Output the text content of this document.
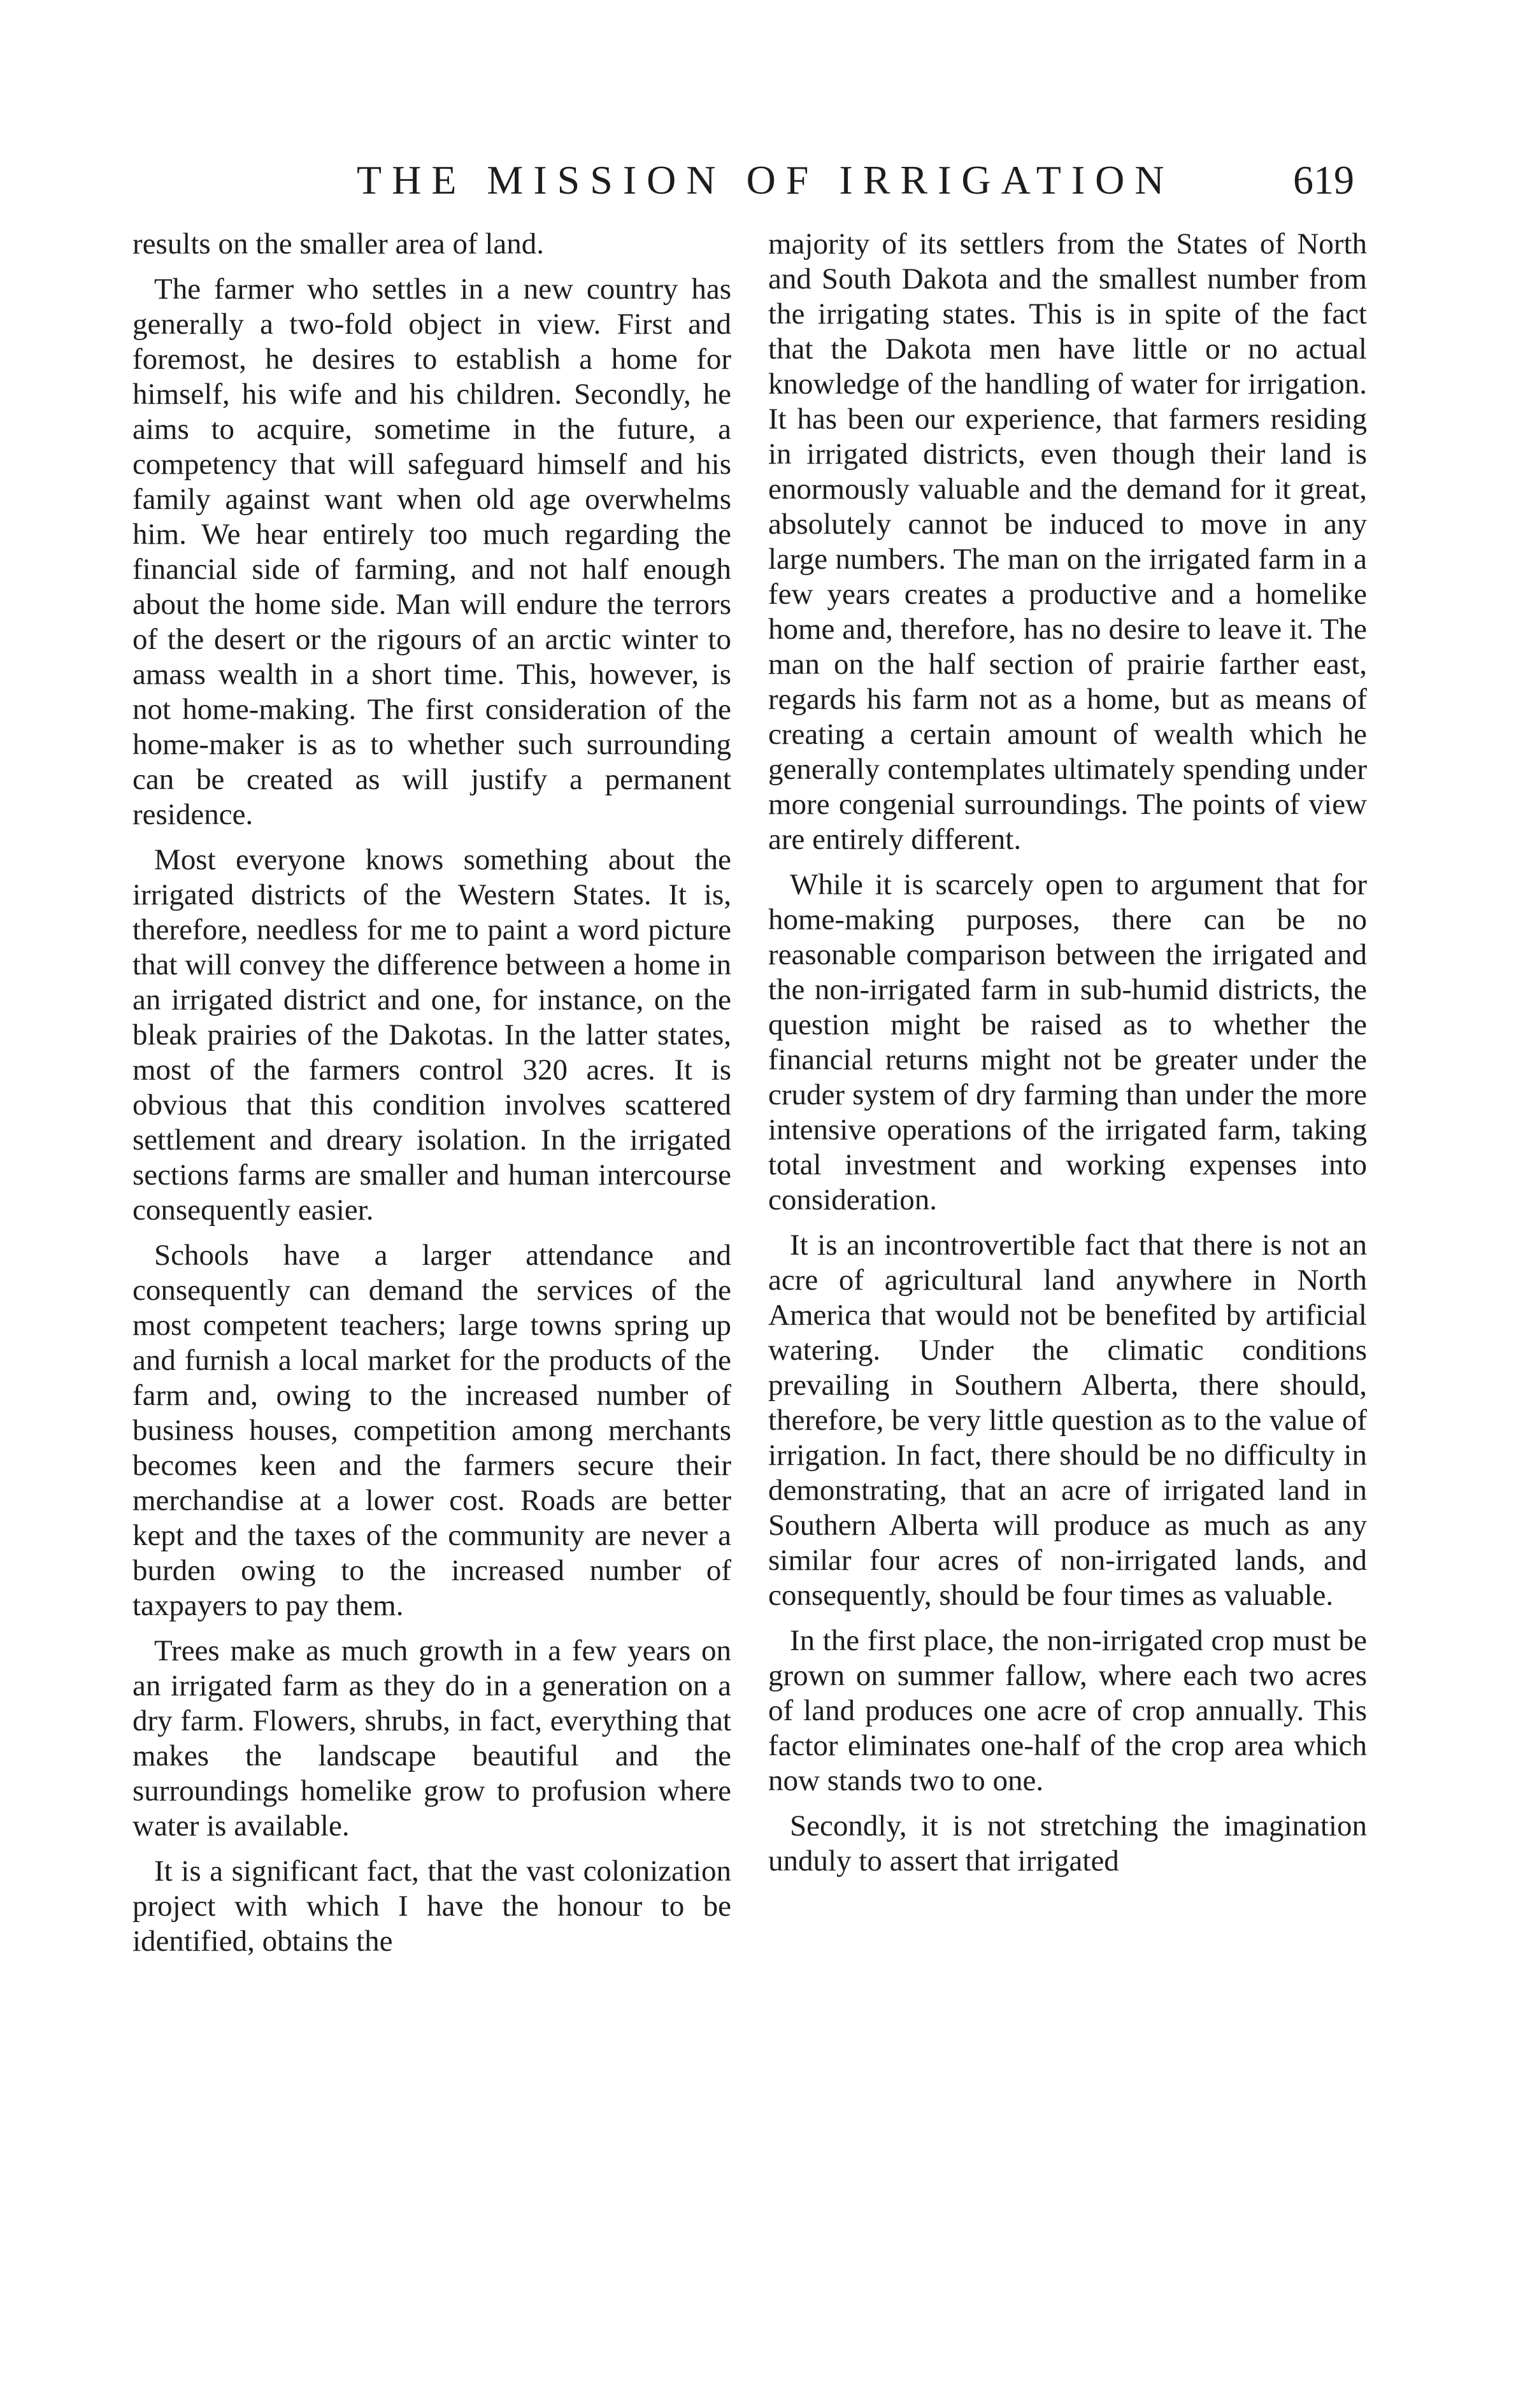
THE MISSION OF IRRIGATION	619

results on the smaller area of land.

The farmer who settles in a new country has generally a two-fold object in view. First and foremost, he desires to establish a home for himself, his wife and his children. Secondly, he aims to acquire, sometime in the future, a competency that will safeguard himself and his family against want when old age overwhelms him. We hear entirely too much regarding the financial side of farming, and not half enough about the home side. Man will endure the terrors of the desert or the rigours of an arctic winter to amass wealth in a short time. This, however, is not home-making. The first consideration of the home-maker is as to whether such surrounding can be created as will justify a permanent residence.

Most everyone knows something about the irrigated districts of the Western States. It is, therefore, needless for me to paint a word picture that will convey the difference between a home in an irrigated district and one, for instance, on the bleak prairies of the Dakotas. In the latter states, most of the farmers control 320 acres. It is obvious that this condition involves scattered settlement and dreary isolation. In the irrigated sections farms are smaller and human intercourse consequently easier.

Schools have a larger attendance and consequently can demand the services of the most competent teachers; large towns spring up and furnish a local market for the products of the farm and, owing to the increased number of business houses, competition among merchants becomes keen and the farmers secure their merchandise at a lower cost. Roads are better kept and the taxes of the community are never a burden owing to the increased number of taxpayers to pay them.

Trees make as much growth in a few years on an irrigated farm as they do in a generation on a dry farm. Flowers, shrubs, in fact, everything that makes the landscape beautiful and the surroundings homelike grow to profusion where water is available.

It is a significant fact, that the vast colonization project with which I have the honour to be identified, obtains the

majority of its settlers from the States of North and South Dakota and the smallest number from the irrigating states. This is in spite of the fact that the Dakota men have little or no actual knowledge of the handling of water for irrigation. It has been our experience, that farmers residing in irrigated districts, even though their land is enormously valuable and the demand for it great, absolutely cannot be induced to move in any large numbers. The man on the irrigated farm in a few years creates a productive and a homelike home and, therefore, has no desire to leave it. The man on the half section of prairie farther east, regards his farm not as a home, but as means of creating a certain amount of wealth which he generally contemplates ultimately spending under more congenial surroundings. The points of view are entirely different.

While it is scarcely open to argument that for home-making purposes, there can be no reasonable comparison between the irrigated and the non-irrigated farm in sub-humid districts, the question might be raised as to whether the financial returns might not be greater under the cruder system of dry farming than under the more intensive operations of the irrigated farm, taking total investment and working expenses into consideration.

It is an incontrovertible fact that there is not an acre of agricultural land anywhere in North America that would not be benefited by artificial watering. Under the climatic conditions prevailing in Southern Alberta, there should, therefore, be very little question as to the value of irrigation. In fact, there should be no difficulty in demonstrating, that an acre of irrigated land in Southern Alberta will produce as much as any similar four acres of non-irrigated lands, and consequently, should be four times as valuable.

In the first place, the non-irrigated crop must be grown on summer fallow, where each two acres of land produces one acre of crop annually. This factor eliminates one-half of the crop area which now stands two to one.

Secondly, it is not stretching the imagination unduly to assert that irrigated
